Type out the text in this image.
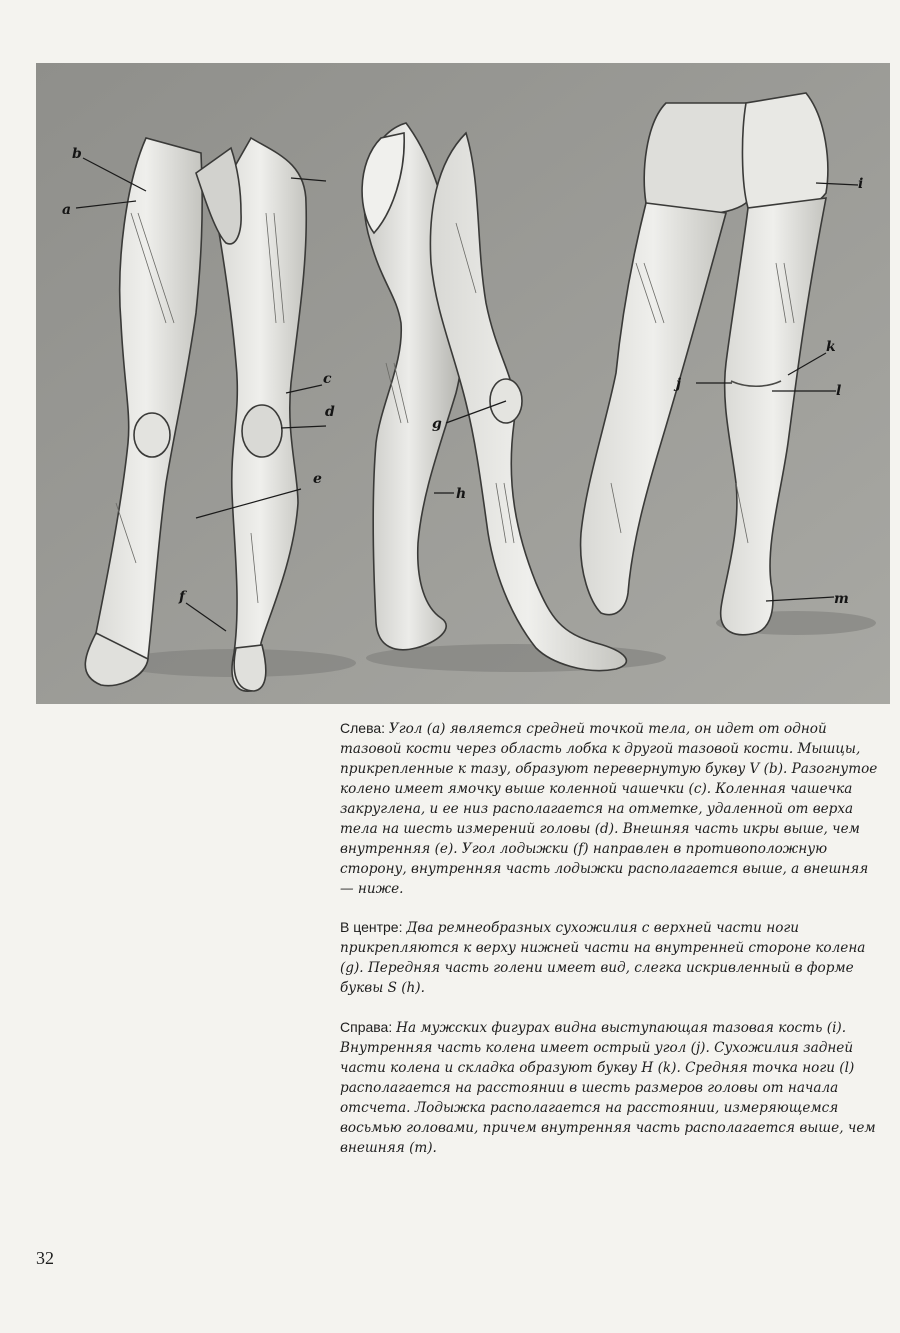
b
a
c
d
e
f
g
h
i
j
k
l
m
Слева: Угол (a) является средней точкой тела, он идет от одной тазовой кости через область лобка к другой тазовой кости. Мышцы, прикрепленные к тазу, образуют перевернутую букву V (b). Разогнутое колено имеет ямочку выше коленной чашечки (c). Коленная чашечка закруглена, и ее низ располагается на отметке, удаленной от верха тела на шесть измерений головы (d). Внешняя часть икры выше, чем внутренняя (e). Угол лодыжки (f) направлен в противоположную сторону, внутренняя часть лодыжки располагается выше, а внешняя — ниже.
В центре: Два ремнеобразных сухожилия с верхней части ноги прикрепляются к верху нижней части на внутренней стороне колена (g). Передняя часть голени имеет вид, слегка искривленный в форме буквы S (h).
Справа: На мужских фигурах видна выступающая тазовая кость (i). Внутренняя часть колена имеет острый угол (j). Сухожилия задней части колена и складка образуют букву H (k). Средняя точка ноги (l) располагается на расстоянии в шесть размеров головы от начала отсчета. Лодыжка располагается на расстоянии, измеряющемся восьмью головами, причем внутренняя часть располагается выше, чем внешняя (m).
32
